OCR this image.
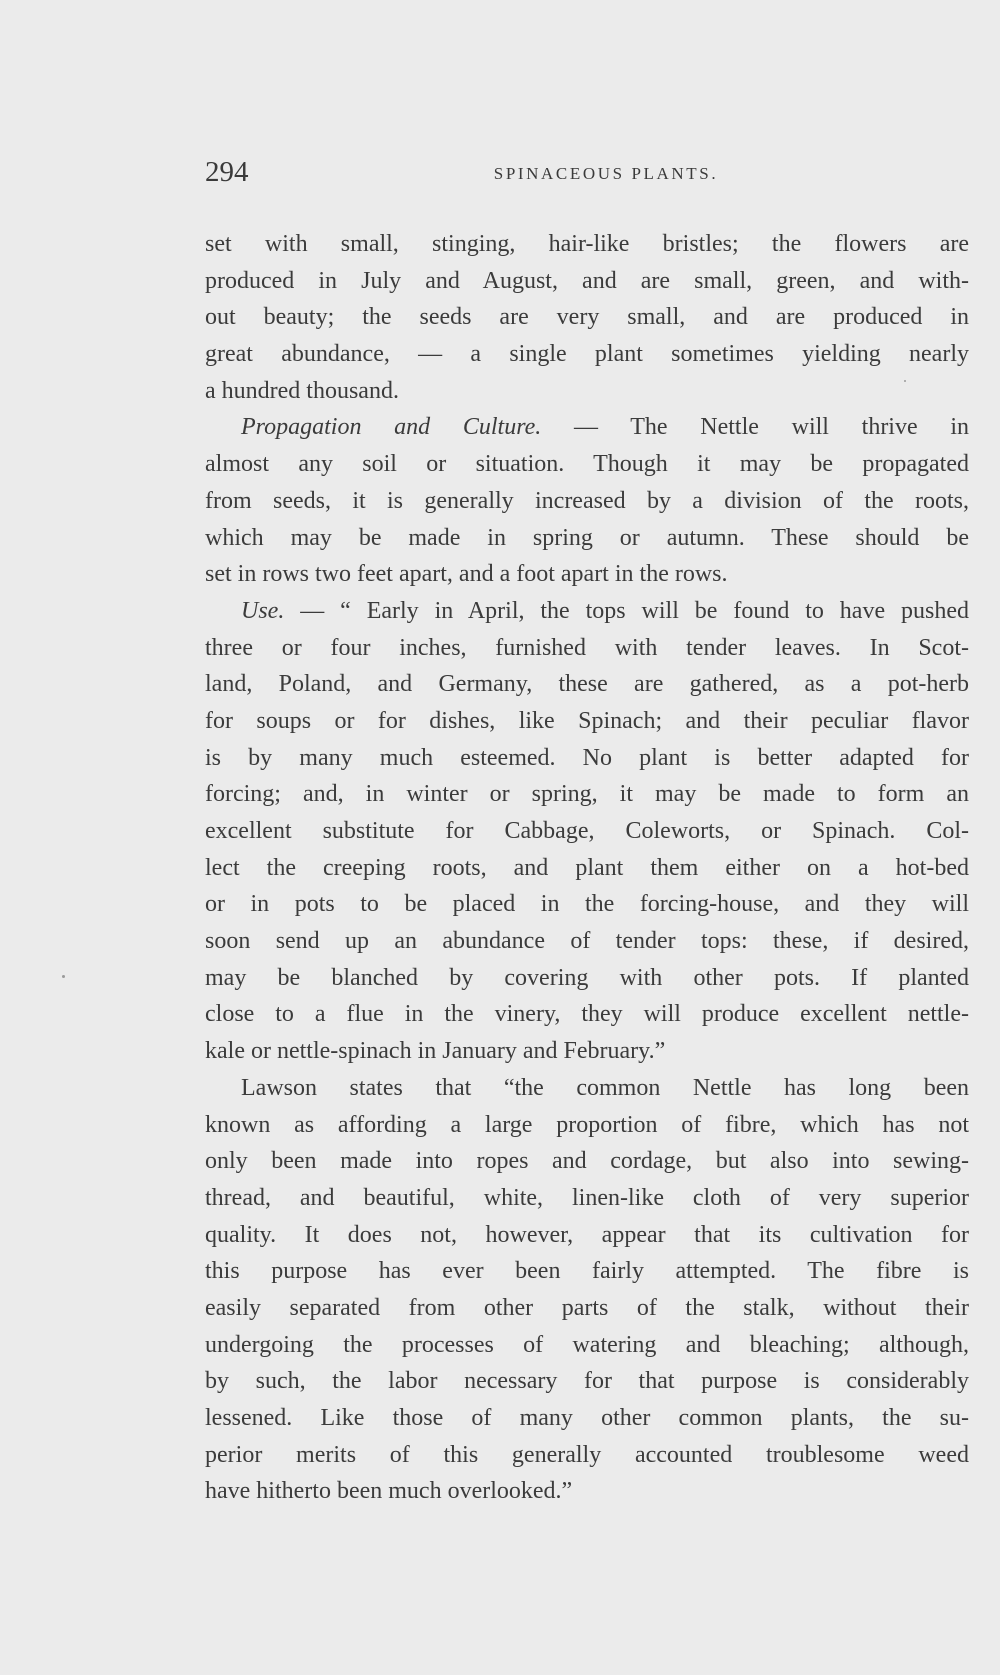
294	SPINACEOUS PLANTS.
set with small, stinging, hair-like bristles; the flowers are
produced in July and August, and are small, green, and with-
out beauty; the seeds are very small, and are produced in
great abundance, — a single plant sometimes yielding nearly
a hundred thousand.
Propagation and Culture. — The Nettle will thrive in
almost any soil or situation. Though it may be propagated
from seeds, it is generally increased by a division of the roots,
which may be made in spring or autumn. These should be
set in rows two feet apart, and a foot apart in the rows.
Use. — “ Early in April, the tops will be found to have pushed
three or four inches, furnished with tender leaves. In Scot-
land, Poland, and Germany, these are gathered, as a pot-herb
for soups or for dishes, like Spinach; and their peculiar flavor
is by many much esteemed. No plant is better adapted for
forcing; and, in winter or spring, it may be made to form an
excellent substitute for Cabbage, Coleworts, or Spinach. Col-
lect the creeping roots, and plant them either on a hot-bed
or in pots to be placed in the forcing-house, and they will
soon send up an abundance of tender tops: these, if desired,
may be blanched by covering with other pots. If planted
close to a flue in the vinery, they will produce excellent nettle-
kale or nettle-spinach in January and February.”
Lawson states that “the common Nettle has long been
known as affording a large proportion of fibre, which has not
only been made into ropes and cordage, but also into sewing-
thread, and beautiful, white, linen-like cloth of very superior
quality. It does not, however, appear that its cultivation for
this purpose has ever been fairly attempted. The fibre is
easily separated from other parts of the stalk, without their
undergoing the processes of watering and bleaching; although,
by such, the labor necessary for that purpose is considerably
lessened. Like those of many other common plants, the su-
perior merits of this generally accounted troublesome weed
have hitherto been much overlooked.”
